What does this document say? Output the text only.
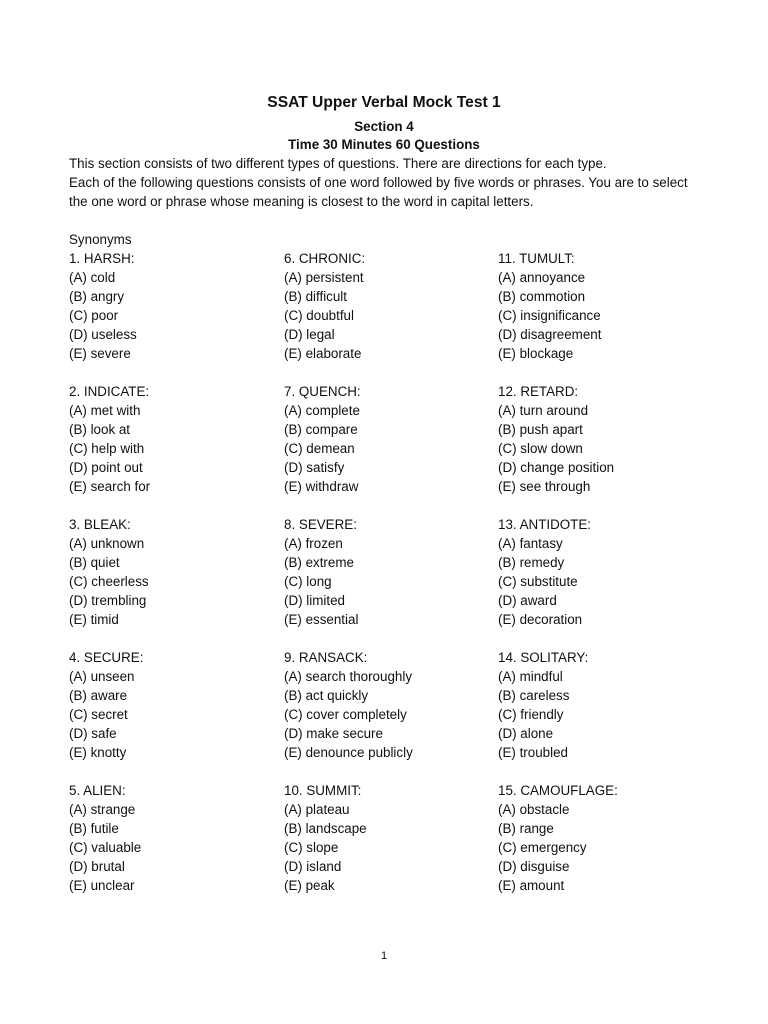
SSAT Upper Verbal Mock Test 1
Section 4
Time 30 Minutes 60 Questions
This section consists of two different types of questions. There are directions for each type.
Each of the following questions consists of one word followed by five words or phrases. You are to select
the one word or phrase whose meaning is closest to the word in capital letters.
Synonyms
1. HARSH:
(A) cold
(B) angry
(C) poor
(D) useless
(E) severe
2. INDICATE:
(A) met with
(B) look at
(C) help with
(D) point out
(E) search for
3. BLEAK:
(A) unknown
(B) quiet
(C) cheerless
(D) trembling
(E) timid
4. SECURE:
(A) unseen
(B) aware
(C) secret
(D) safe
(E) knotty
5. ALIEN:
(A) strange
(B) futile
(C) valuable
(D) brutal
(E) unclear
6. CHRONIC:
(A) persistent
(B) difficult
(C) doubtful
(D) legal
(E) elaborate
7. QUENCH:
(A) complete
(B) compare
(C) demean
(D) satisfy
(E) withdraw
8. SEVERE:
(A) frozen
(B) extreme
(C) long
(D) limited
(E) essential
9. RANSACK:
(A) search thoroughly
(B) act quickly
(C) cover completely
(D) make secure
(E) denounce publicly
10. SUMMIT:
(A) plateau
(B) landscape
(C) slope
(D) island
(E) peak
11. TUMULT:
(A) annoyance
(B) commotion
(C) insignificance
(D) disagreement
(E) blockage
12. RETARD:
(A) turn around
(B) push apart
(C) slow down
(D) change position
(E) see through
13. ANTIDOTE:
(A) fantasy
(B) remedy
(C) substitute
(D) award
(E) decoration
14. SOLITARY:
(A) mindful
(B) careless
(C) friendly
(D) alone
(E) troubled
15. CAMOUFLAGE:
(A) obstacle
(B) range
(C) emergency
(D) disguise
(E) amount
1
